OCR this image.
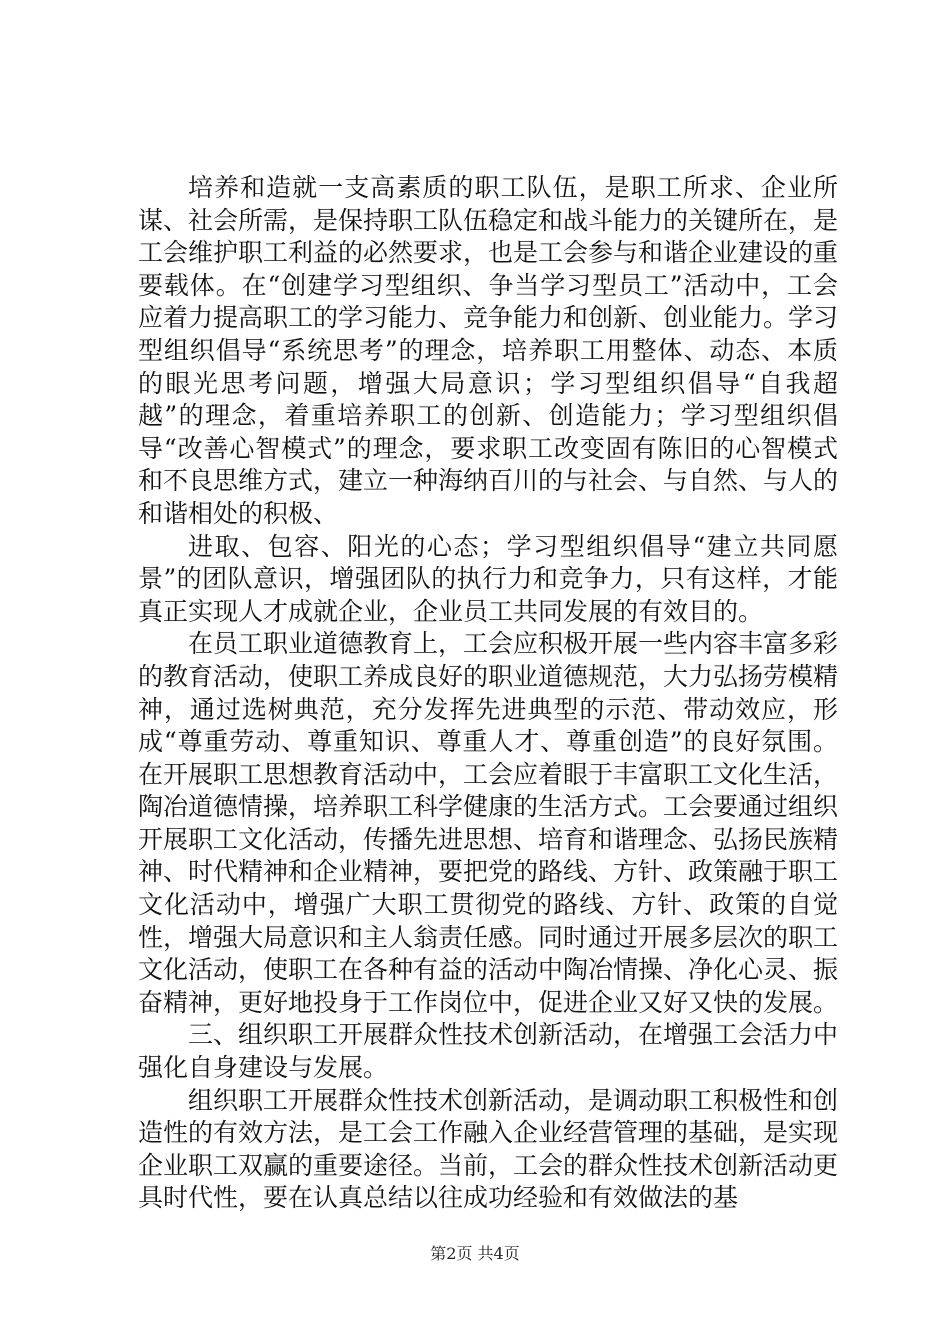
培养和造就一支高素质的职工队伍，是职工所求、企业所谋、社会所需，是保持职工队伍稳定和战斗能力的关键所在，是工会维护职工利益的必然要求，也是工会参与和谐企业建设的重要载体。在“创建学习型组织、争当学习型员工”活动中，工会应着力提高职工的学习能力、竞争能力和创新、创业能力。学习型组织倡导“系统思考”的理念，培养职工用整体、动态、本质的眼光思考问题，增强大局意识；学习型组织倡导“自我超越”的理念，着重培养职工的创新、创造能力；学习型组织倡导“改善心智模式”的理念，要求职工改变固有陈旧的心智模式和不良思维方式，建立一种海纳百川的与社会、与自然、与人的和谐相处的积极、

进取、包容、阳光的心态；学习型组织倡导“建立共同愿景”的团队意识，增强团队的执行力和竞争力，只有这样，才能真正实现人才成就企业，企业员工共同发展的有效目的。

在员工职业道德教育上，工会应积极开展一些内容丰富多彩的教育活动，使职工养成良好的职业道德规范，大力弘扬劳模精神，通过选树典范，充分发挥先进典型的示范、带动效应，形成“尊重劳动、尊重知识、尊重人才、尊重创造”的良好氛围。在开展职工思想教育活动中，工会应着眼于丰富职工文化生活，陶冶道德情操，培养职工科学健康的生活方式。工会要通过组织开展职工文化活动，传播先进思想、培育和谐理念、弘扬民族精神、时代精神和企业精神，要把党的路线、方针、政策融于职工文化活动中，增强广大职工贯彻党的路线、方针、政策的自觉性，增强大局意识和主人翁责任感。同时通过开展多层次的职工文化活动，使职工在各种有益的活动中陶冶情操、净化心灵、振奋精神，更好地投身于工作岗位中，促进企业又好又快的发展。

三、组织职工开展群众性技术创新活动，在增强工会活力中强化自身建设与发展。

组织职工开展群众性技术创新活动，是调动职工积极性和创造性的有效方法，是工会工作融入企业经营管理的基础，是实现企业职工双赢的重要途径。当前，工会的群众性技术创新活动更具时代性，要在认真总结以往成功经验和有效做法的基

第2页 共4页
